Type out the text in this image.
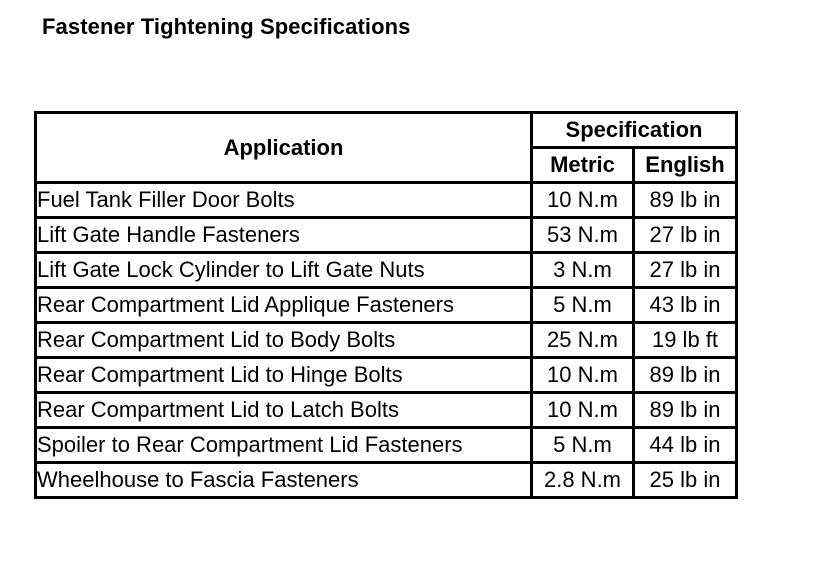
Fastener Tightening Specifications
Application	Specification	
	Metric	English
Fuel Tank Filler Door Bolts	10 N.m	89 lb in
Lift Gate Handle Fasteners	53 N.m	27 lb in
Lift Gate Lock Cylinder to Lift Gate Nuts	3 N.m	27 lb in
Rear Compartment Lid Applique Fasteners	5 N.m	43 lb in
Rear Compartment Lid to Body Bolts	25 N.m	19 lb ft
Rear Compartment Lid to Hinge Bolts	10 N.m	89 lb in
Rear Compartment Lid to Latch Bolts	10 N.m	89 lb in
Spoiler to Rear Compartment Lid Fasteners	5 N.m	44 lb in
Wheelhouse to Fascia Fasteners	2.8 N.m	25 lb in
